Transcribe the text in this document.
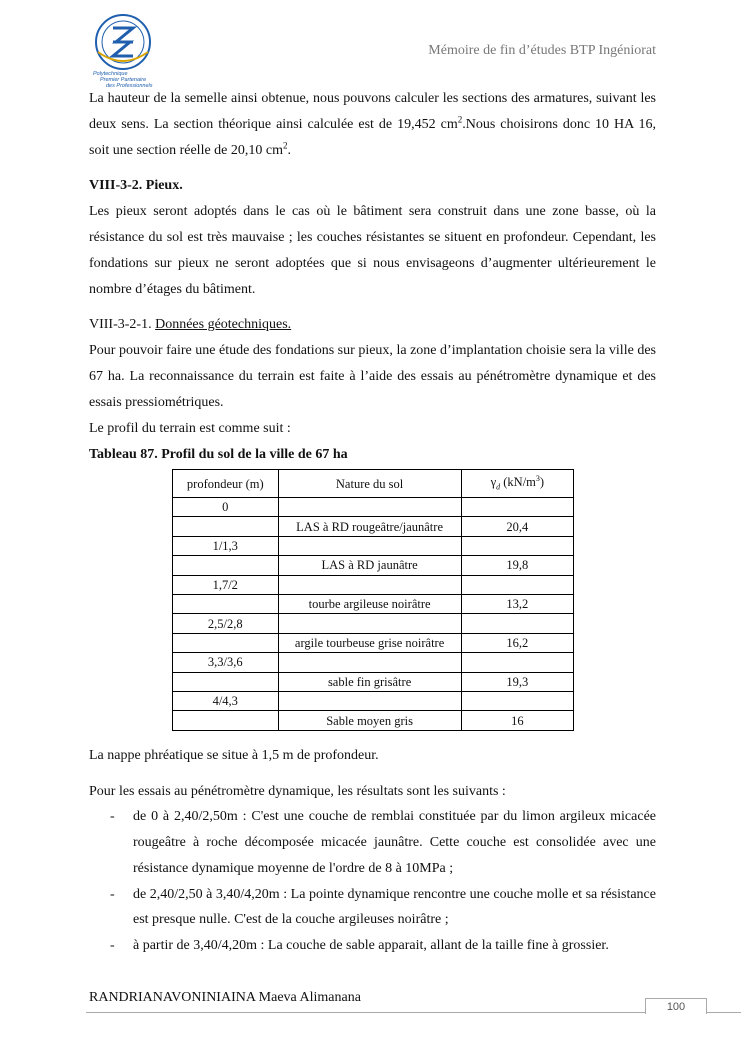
Polytechnique
Premier Partenaire
des Professionnels
Mémoire de fin d’études BTP Ingéniorat

La hauteur de la semelle ainsi obtenue, nous pouvons calculer les sections des armatures, suivant les deux sens. La section théorique ainsi calculée est de 19,452 $cm^2.Nous$ choisirons donc 10 HA 16, soit une section réelle de 20,10 $cm^2$.

VIII-3-2. Pieux.

Les pieux seront adoptés dans le cas où le bâtiment sera construit dans une zone basse, où la résistance du sol est très mauvaise ; les couches résistantes se situent en profondeur. Cependant, les fondations sur pieux ne seront adoptées que si nous envisageons d’augmenter ultérieurement le nombre d’étages du bâtiment.

VIII-3-2-1. Données géotechniques.

Pour pouvoir faire une étude des fondations sur pieux, la zone d’implantation choisie sera la ville des 67 ha. La reconnaissance du terrain est faite à l’aide des essais au pénétromètre dynamique et des essais pressiométriques.

Le profil du terrain est comme suit :

Tableau 87. Profil du sol de la ville de 67 ha

profondeur (m)	Nature du sol	$\gamma_d$ $(kN/m^3)$
0		
	LAS à RD rougeâtre/jaunâtre	20,4
1/1,3		
	LAS à RD jaunâtre	19,8
1,7/2		
	tourbe argileuse noirâtre	13,2
2,5/2,8		
	argile tourbeuse grise noirâtre	16,2
3,3/3,6		
	sable fin grisâtre	19,3
4/4,3		
	Sable moyen gris	16

La nappe phréatique se situe à 1,5 m de profondeur.

Pour les essais au pénétromètre dynamique, les résultats sont les suivants :

- de 0 à 2,40/2,50m : C'est une couche de remblai constituée par du limon argileux micacée rougeâtre à roche décomposée micacée jaunâtre. Cette couche est consolidée avec une résistance dynamique moyenne de l'ordre de 8 à 10MPa ;
- de 2,40/2,50 à 3,40/4,20m : La pointe dynamique rencontre une couche molle et sa résistance est presque nulle. C'est de la couche argileuses noirâtre ;
- à partir de 3,40/4,20m : La couche de sable apparait, allant de la taille fine à grossier.
RANDRIANAVONINIAINA Maeva Alimanana
100
